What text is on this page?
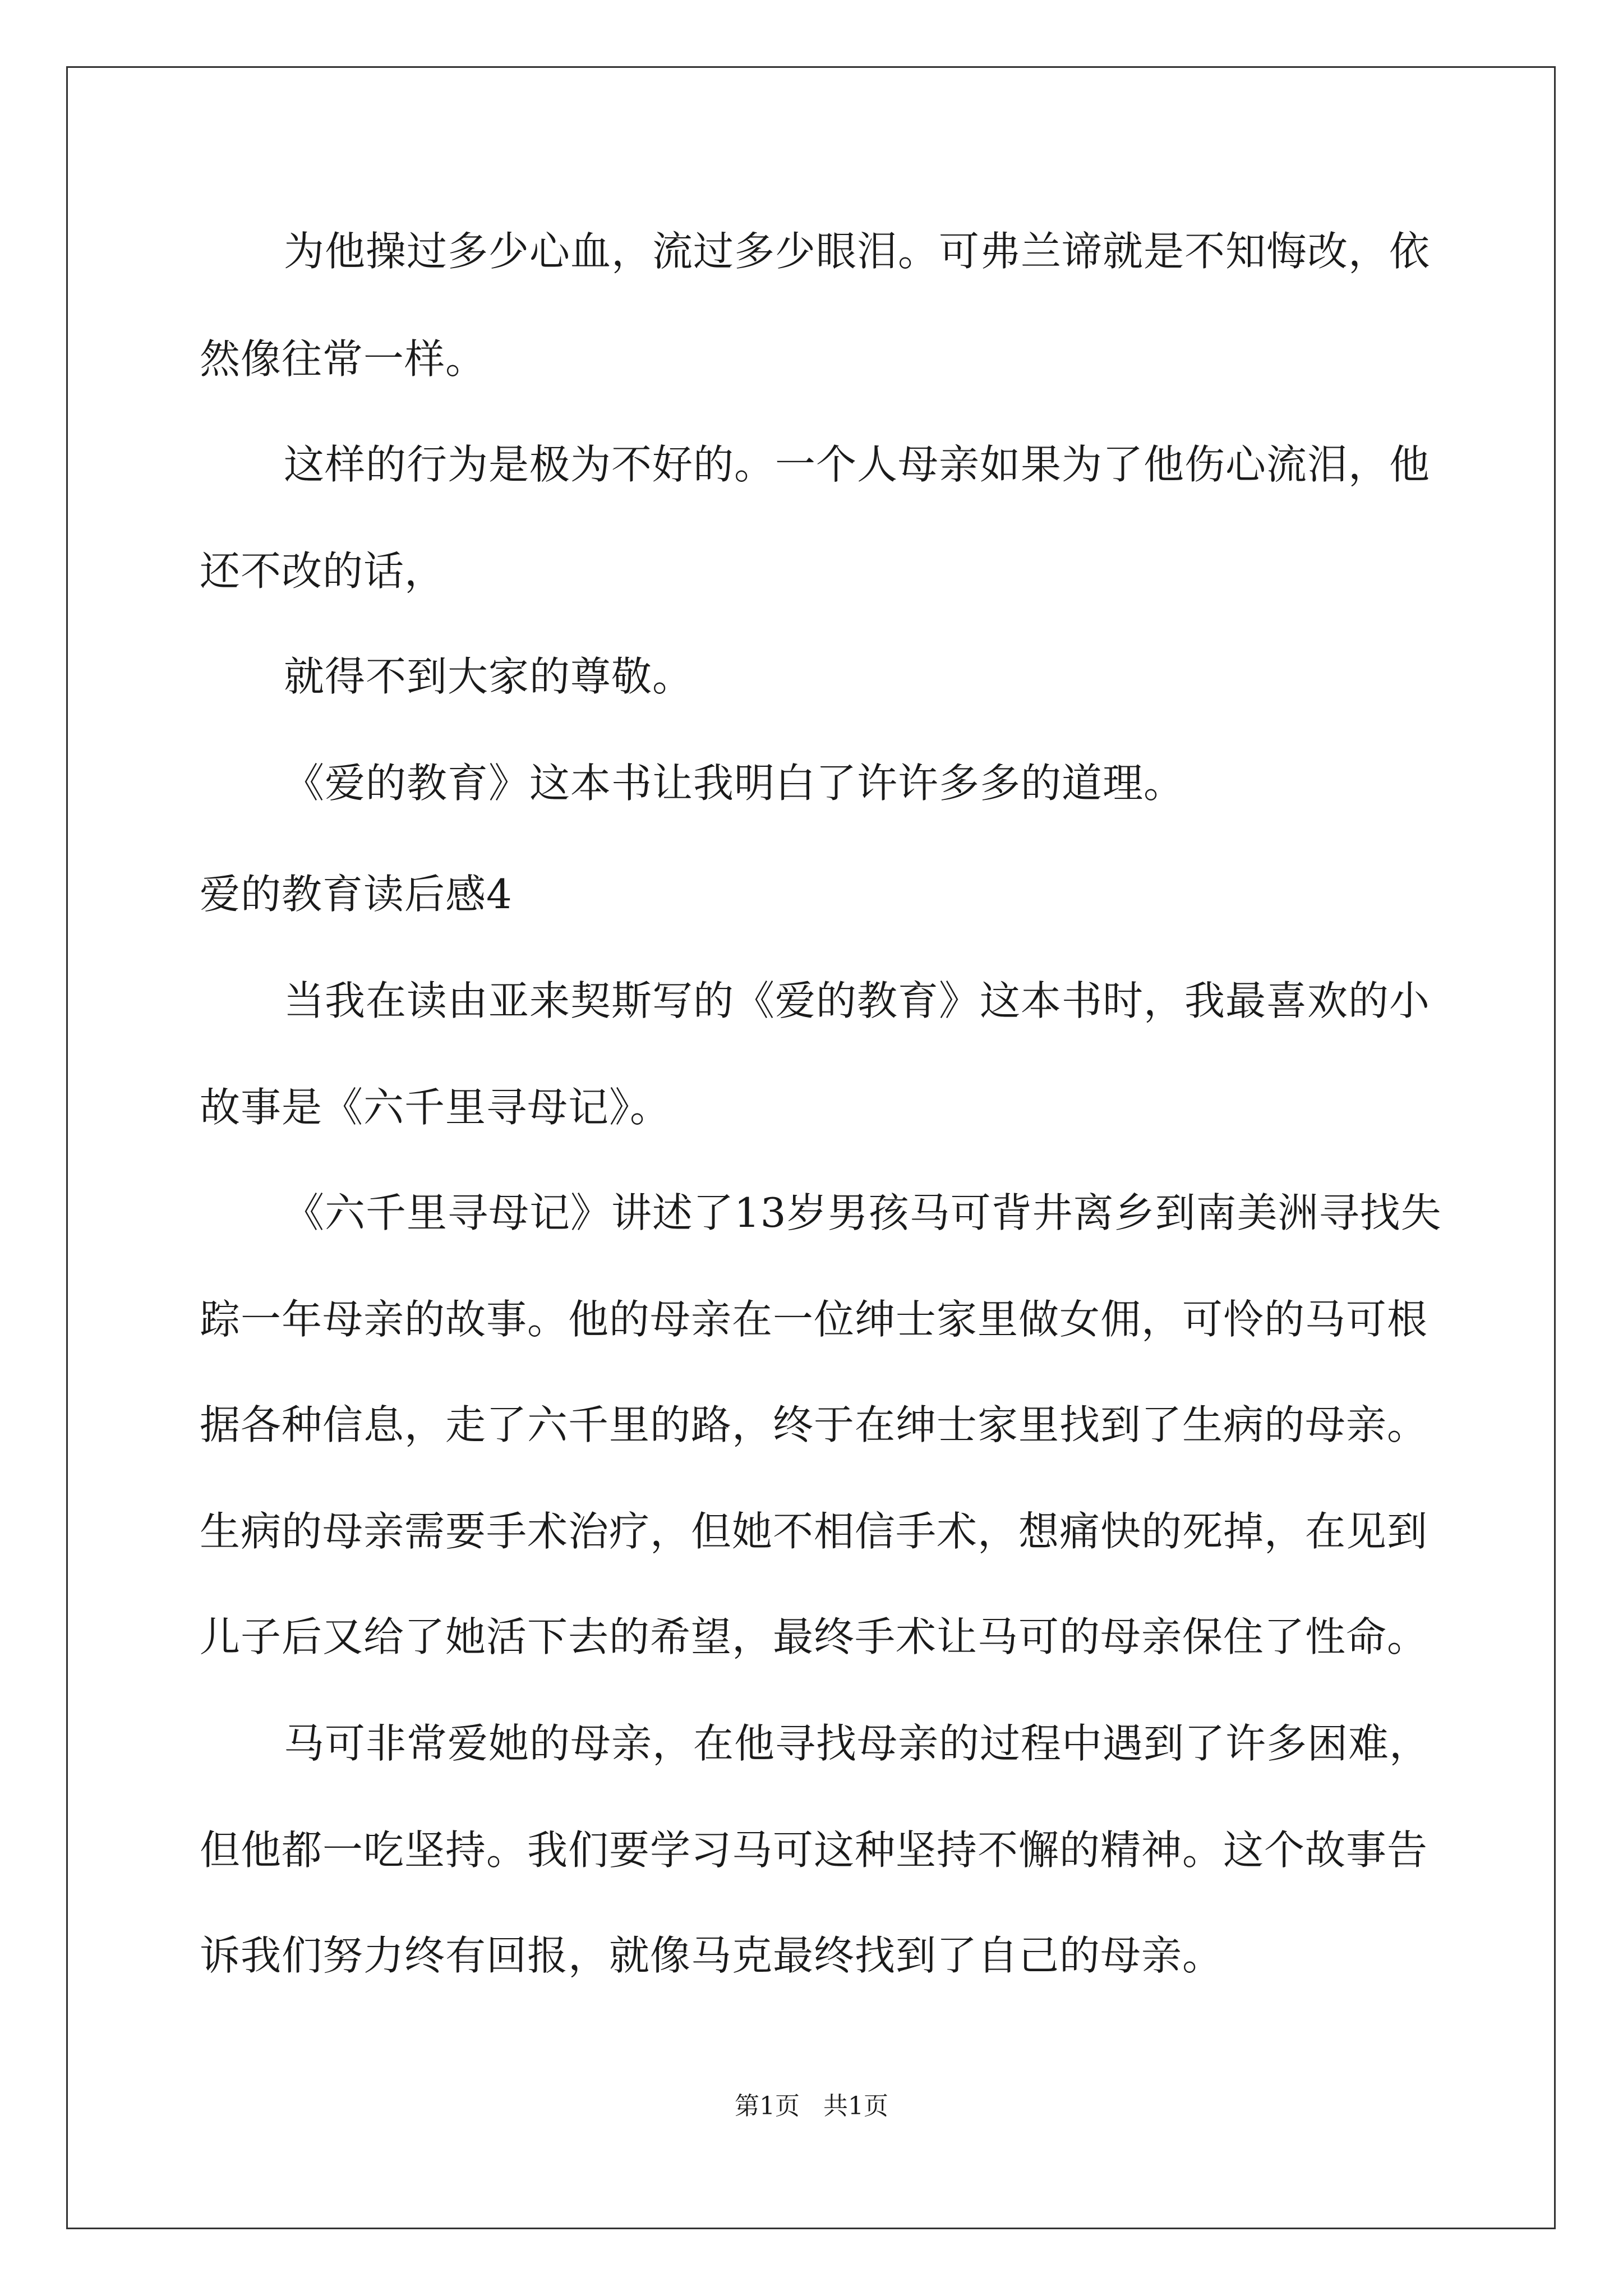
为他操过多少心血，流过多少眼泪。可弗兰谛就是不知悔改，依
然像往常一样。
这样的行为是极为不好的。一个人母亲如果为了他伤心流泪，他
还不改的话，
就得不到大家的尊敬。
《爱的教育》这本书让我明白了许许多多的道理。
爱的教育读后感4
当我在读由亚来契斯写的《爱的教育》这本书时，我最喜欢的小
故事是《六千里寻母记》。
《六千里寻母记》讲述了13岁男孩马可背井离乡到南美洲寻找失
踪一年母亲的故事。他的母亲在一位绅士家里做女佣，可怜的马可根
据各种信息，走了六千里的路，终于在绅士家里找到了生病的母亲。
生病的母亲需要手术治疗，但她不相信手术，想痛快的死掉，在见到
儿子后又给了她活下去的希望，最终手术让马可的母亲保住了性命。
马可非常爱她的母亲，在他寻找母亲的过程中遇到了许多困难，
但他都一吃坚持。我们要学习马可这种坚持不懈的精神。这个故事告
诉我们努力终有回报，就像马克最终找到了自己的母亲。
第1页   共1页
